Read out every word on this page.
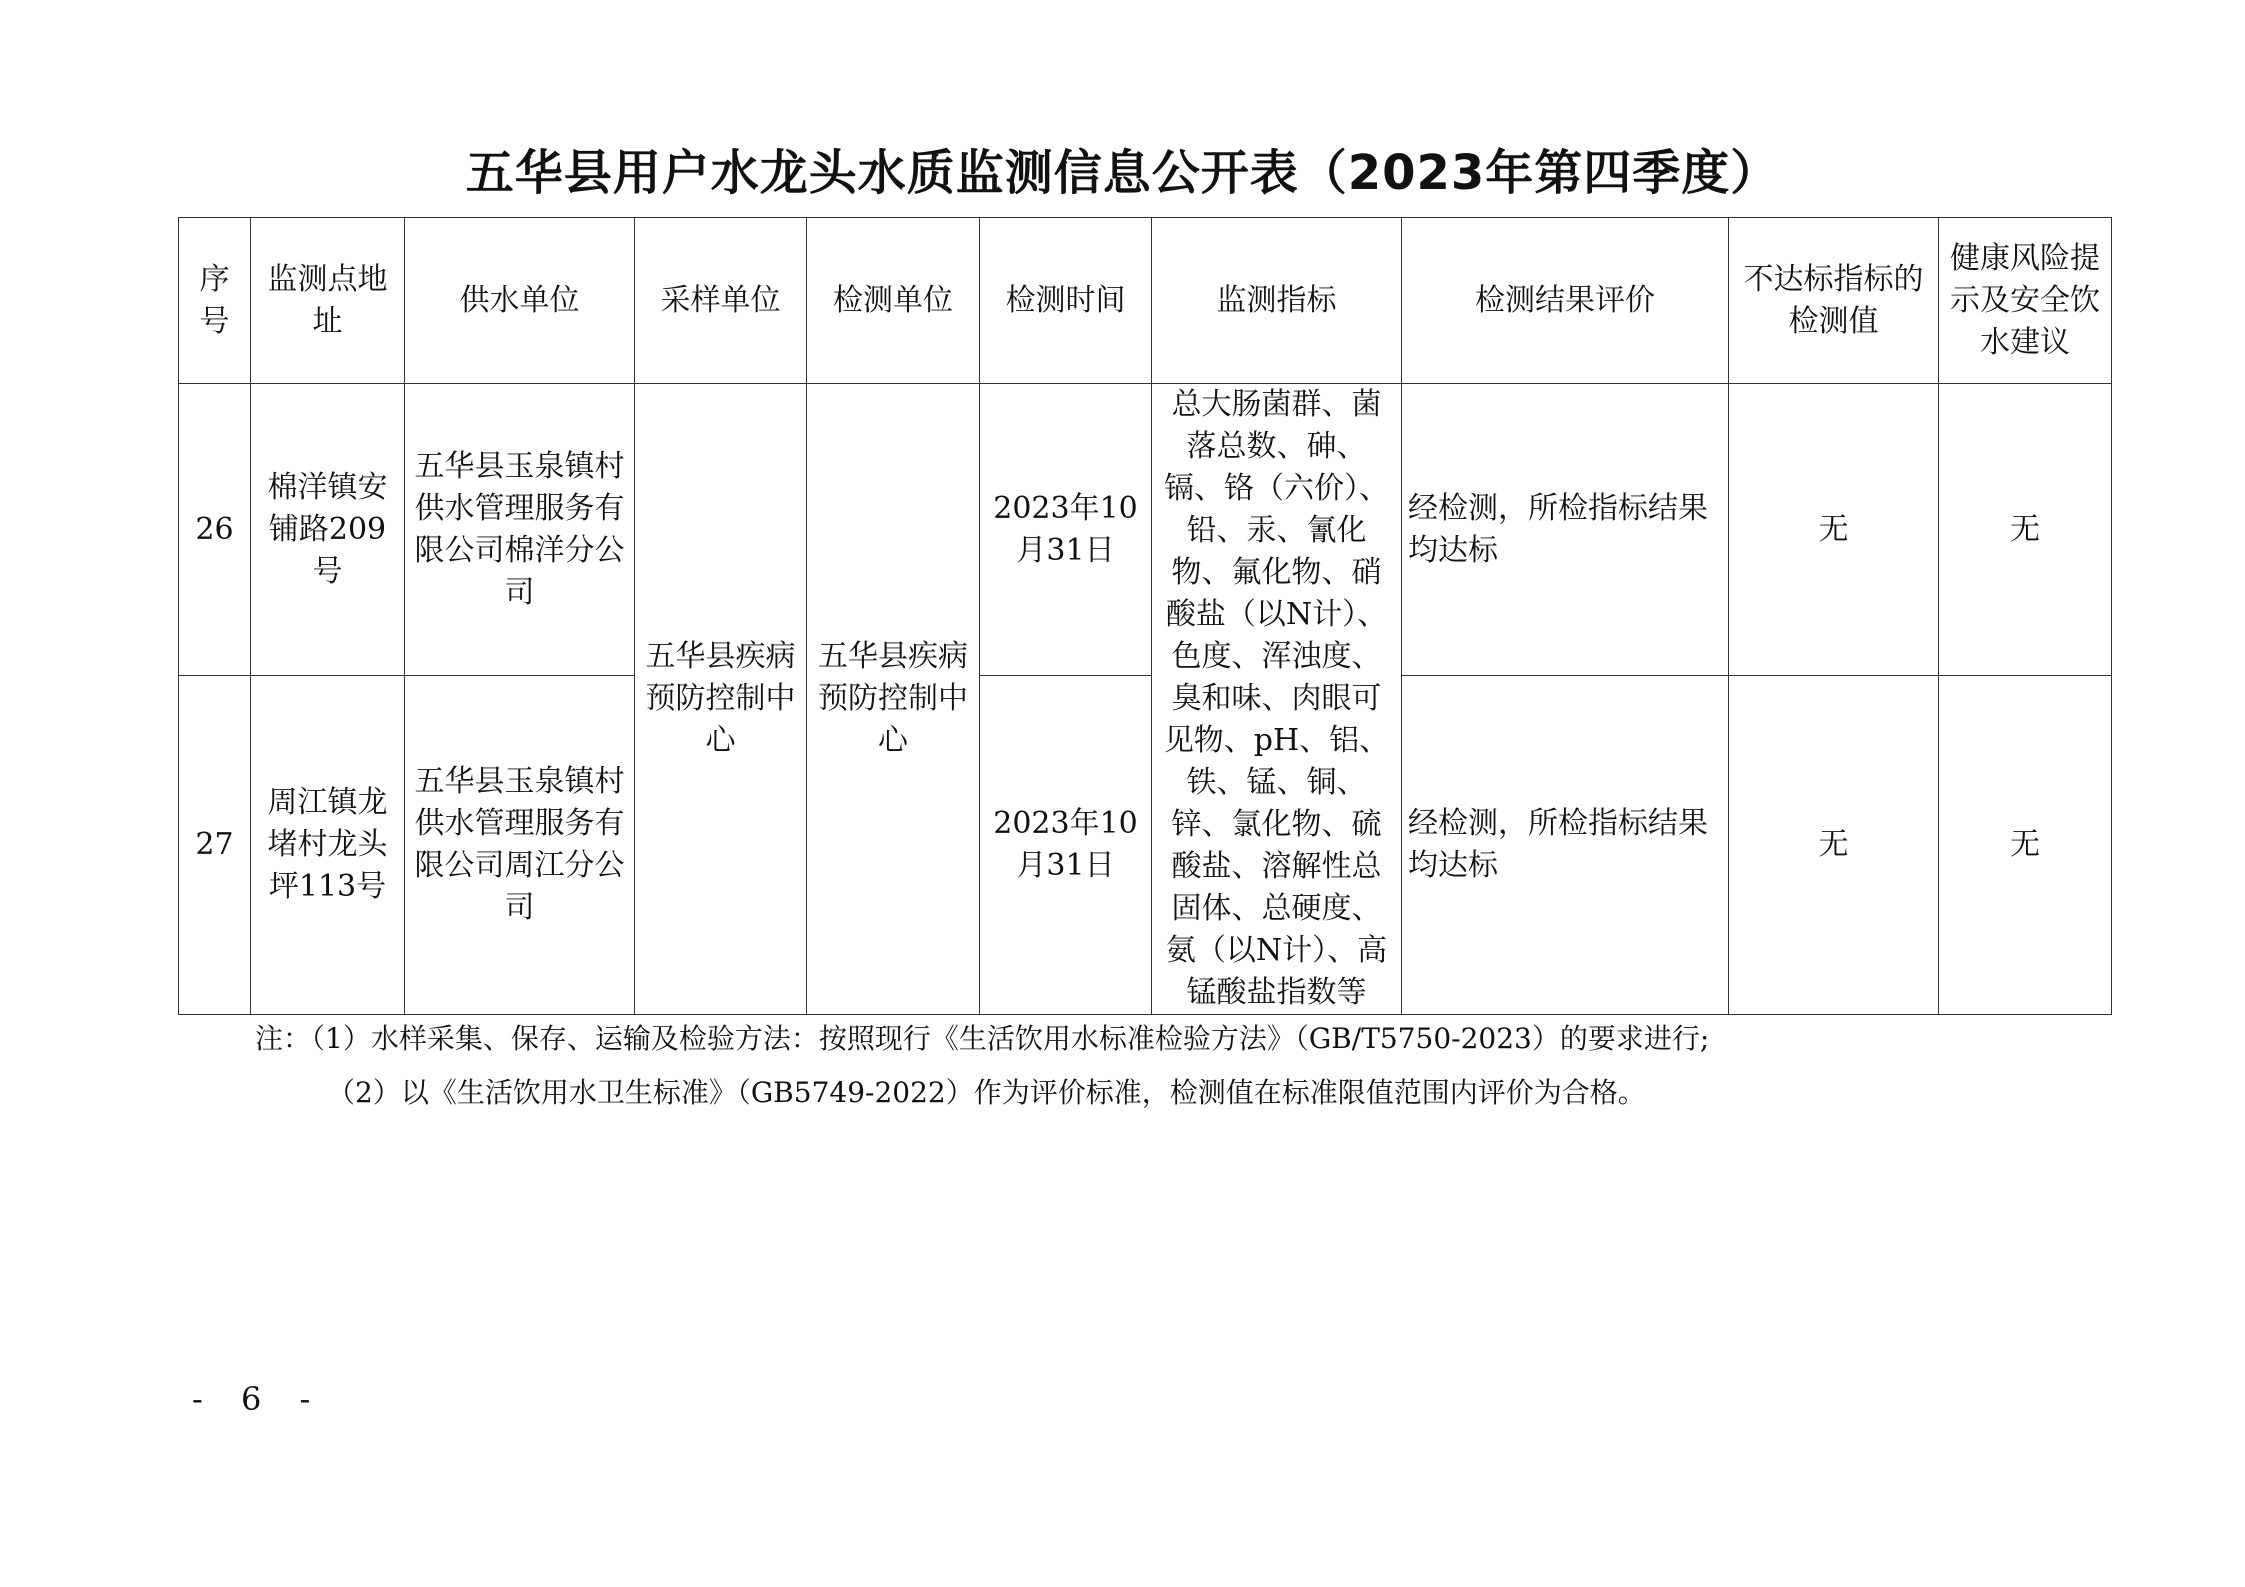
五华县用户水龙头水质监测信息公开表（2023年第四季度）
序号	监测点地址	供水单位	采样单位	检测单位	检测时间	监测指标	检测结果评价	不达标指标的检测值	健康风险提示及安全饮水建议
26	棉洋镇安铺路209号	五华县玉泉镇村供水管理服务有限公司棉洋分公司	五华县疾病预防控制中心	五华县疾病预防控制中心	2023年10月31日	总大肠菌群、菌落总数、砷、镉、铬（六价）、铅、汞、氰化物、氟化物、硝酸盐（以N计）、色度、浑浊度、臭和味、肉眼可见物、pH、铝、铁、锰、铜、锌、氯化物、硫酸盐、溶解性总固体、总硬度、氨（以N计）、高锰酸盐指数等	经检测，所检指标结果均达标	无	无
27	周江镇龙堵村龙头坪113号	五华县玉泉镇村供水管理服务有限公司周江分公司			2023年10月31日		经检测，所检指标结果均达标	无	无
注：（1）水样采集、保存、运输及检验方法：按照现行《生活饮用水标准检验方法》（GB/T5750-2023）的要求进行;
（2）以《生活饮用水卫生标准》（GB5749-2022）作为评价标准，检测值在标准限值范围内评价为合格。
- 6 -
